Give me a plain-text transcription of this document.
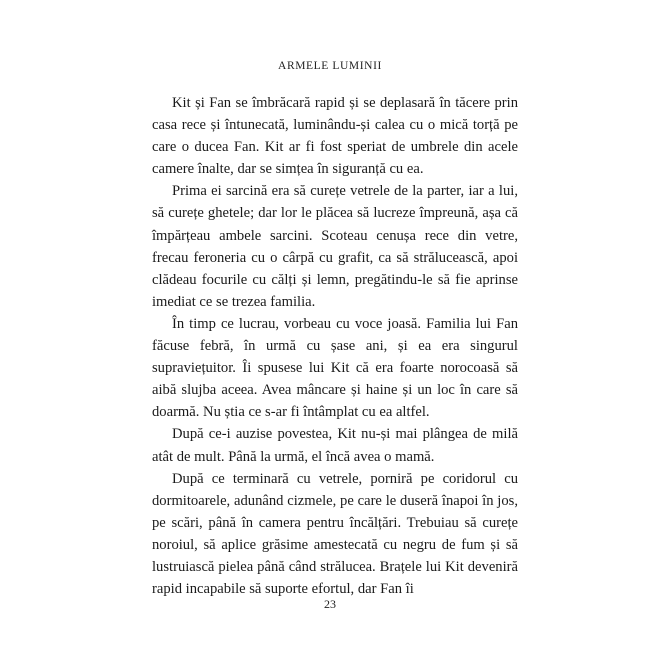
ARMELE LUMINII

Kit și Fan se îmbrăcară rapid și se deplasară în tăcere prin casa rece și întunecată, luminându-și calea cu o mică torță pe care o ducea Fan. Kit ar fi fost speriat de umbrele din acele camere înalte, dar se simțea în siguranță cu ea.

Prima ei sarcină era să curețe vetrele de la parter, iar a lui, să curețe ghetele; dar lor le plăcea să lucreze împreună, așa că împărțeau ambele sarcini. Scoteau cenușa rece din vetre, frecau feroneria cu o cârpă cu grafit, ca să strălucească, apoi clădeau focurile cu călți și lemn, pregătindu-le să fie aprinse imediat ce se trezea familia.

În timp ce lucrau, vorbeau cu voce joasă. Familia lui Fan făcuse febră, în urmă cu șase ani, și ea era singurul supraviețuitor. Îi spusese lui Kit că era foarte norocoasă să aibă slujba aceea. Avea mâncare și haine și un loc în care să doarmă. Nu știa ce s-ar fi întâmplat cu ea altfel.

După ce-i auzise povestea, Kit nu-și mai plângea de milă atât de mult. Până la urmă, el încă avea o mamă.

După ce terminară cu vetrele, porniră pe coridorul cu dormitoarele, adunând cizmele, pe care le duseră înapoi în jos, pe scări, până în camera pentru încălțări. Trebuiau să curețe noroiul, să aplice grăsime amestecată cu negru de fum și să lustruiască pielea până când strălucea. Brațele lui Kit deveniră rapid incapabile să suporte efortul, dar Fan îi

23
